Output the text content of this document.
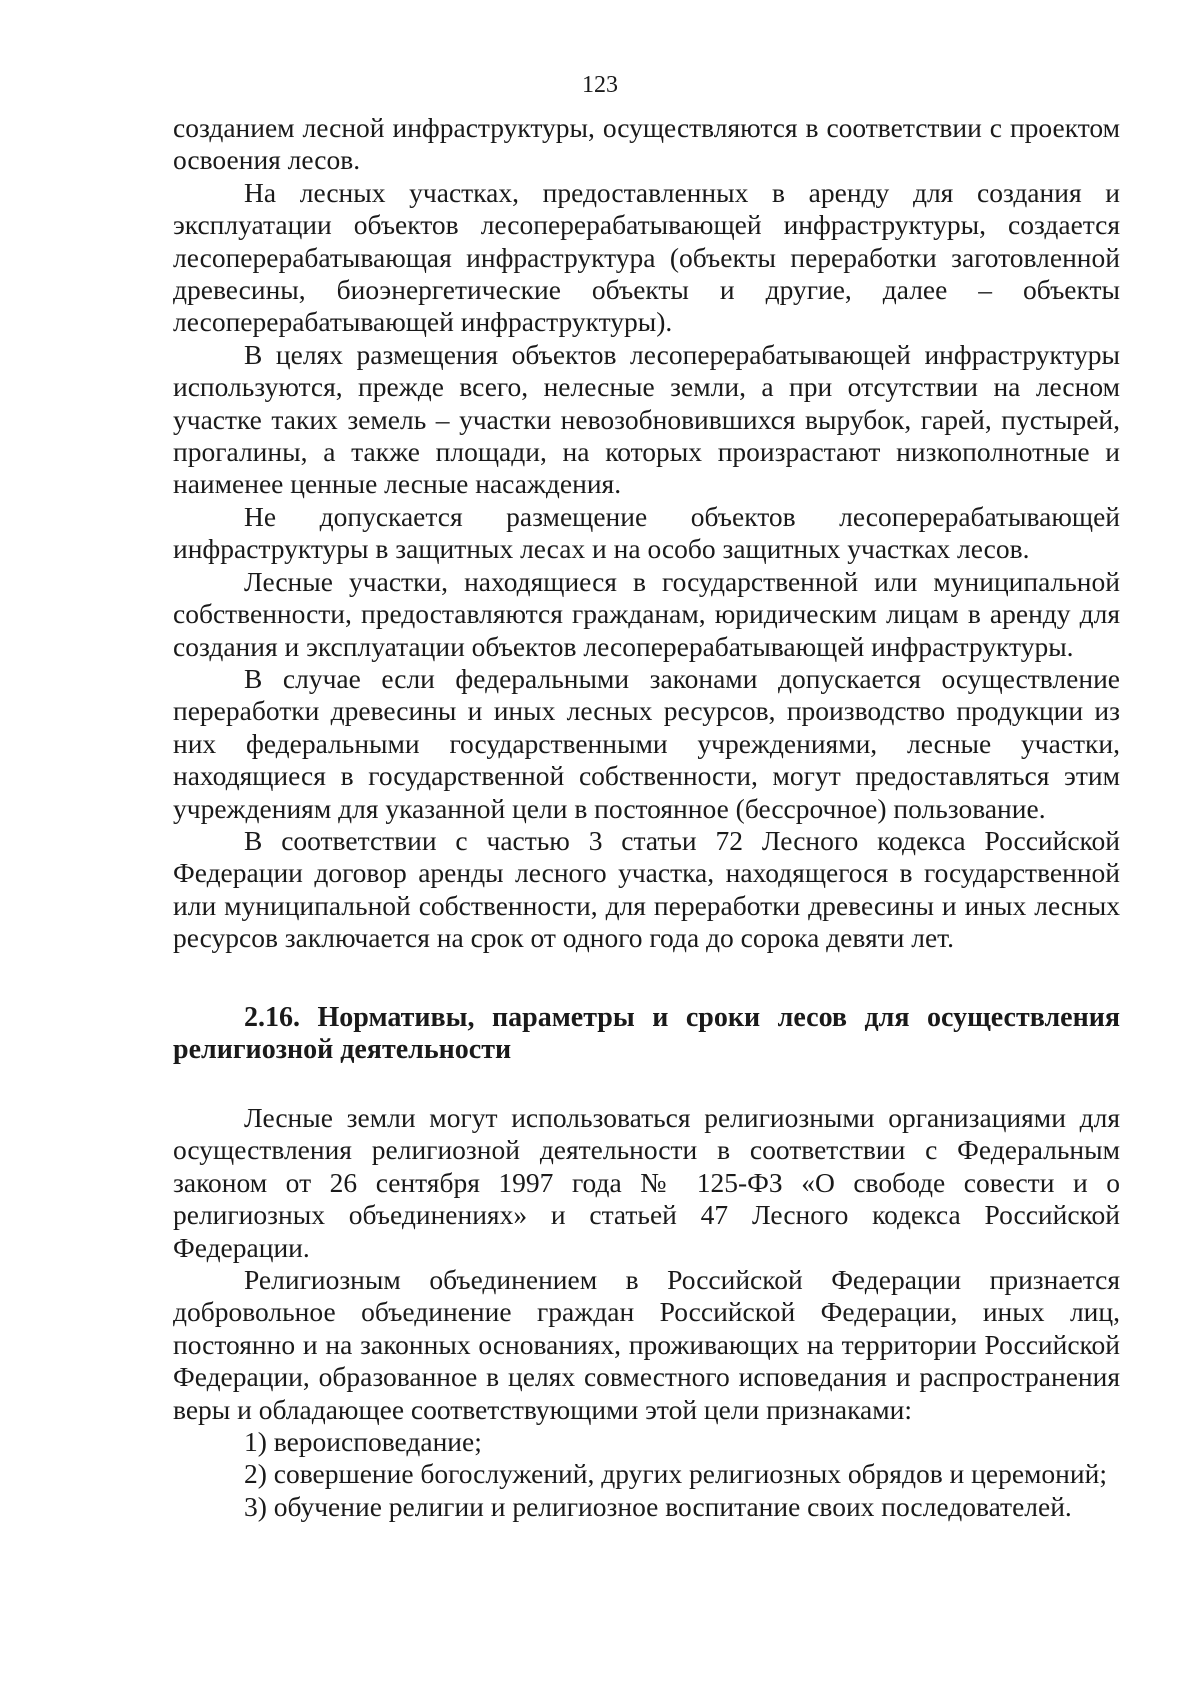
123

созданием лесной инфраструктуры, осуществляются в соответствии с проектом освоения лесов.

На лесных участках, предоставленных в аренду для создания и эксплуатации объектов лесоперерабатывающей инфраструктуры, создается лесоперерабатывающая инфраструктура (объекты переработки заготовленной древесины, биоэнергетические объекты и другие, далее – объекты лесоперерабатывающей инфраструктуры).

В целях размещения объектов лесоперерабатывающей инфраструктуры используются, прежде всего, нелесные земли, а при отсутствии на лесном участке таких земель – участки невозобновившихся вырубок, гарей, пустырей, прогалины, а также площади, на которых произрастают низкополнотные и наименее ценные лесные насаждения.

Не допускается размещение объектов лесоперерабатывающей инфраструктуры в защитных лесах и на особо защитных участках лесов.

Лесные участки, находящиеся в государственной или муниципальной собственности, предоставляются гражданам, юридическим лицам в аренду для создания и эксплуатации объектов лесоперерабатывающей инфраструктуры.

В случае если федеральными законами допускается осуществление переработки древесины и иных лесных ресурсов, производство продукции из них федеральными государственными учреждениями, лесные участки, находящиеся в государственной собственности, могут предоставляться этим учреждениям для указанной цели в постоянное (бессрочное) пользование.

В соответствии с частью 3 статьи 72 Лесного кодекса Российской Федерации договор аренды лесного участка, находящегося в государственной или муниципальной собственности, для переработки древесины и иных лесных ресурсов заключается на срок от одного года до сорока девяти лет.

2.16. Нормативы, параметры и сроки лесов для осуществления религиозной деятельности

Лесные земли могут использоваться религиозными организациями для осуществления религиозной деятельности в соответствии с Федеральным законом от 26 сентября 1997 года № 125-ФЗ «О свободе совести и о религиозных объединениях» и статьей 47 Лесного кодекса Российской Федерации.

Религиозным объединением в Российской Федерации признается добровольное объединение граждан Российской Федерации, иных лиц, постоянно и на законных основаниях, проживающих на территории Российской Федерации, образованное в целях совместного исповедания и распространения веры и обладающее соответствующими этой цели признаками:

1) вероисповедание;

2) совершение богослужений, других религиозных обрядов и церемоний;

3) обучение религии и религиозное воспитание своих последователей.
